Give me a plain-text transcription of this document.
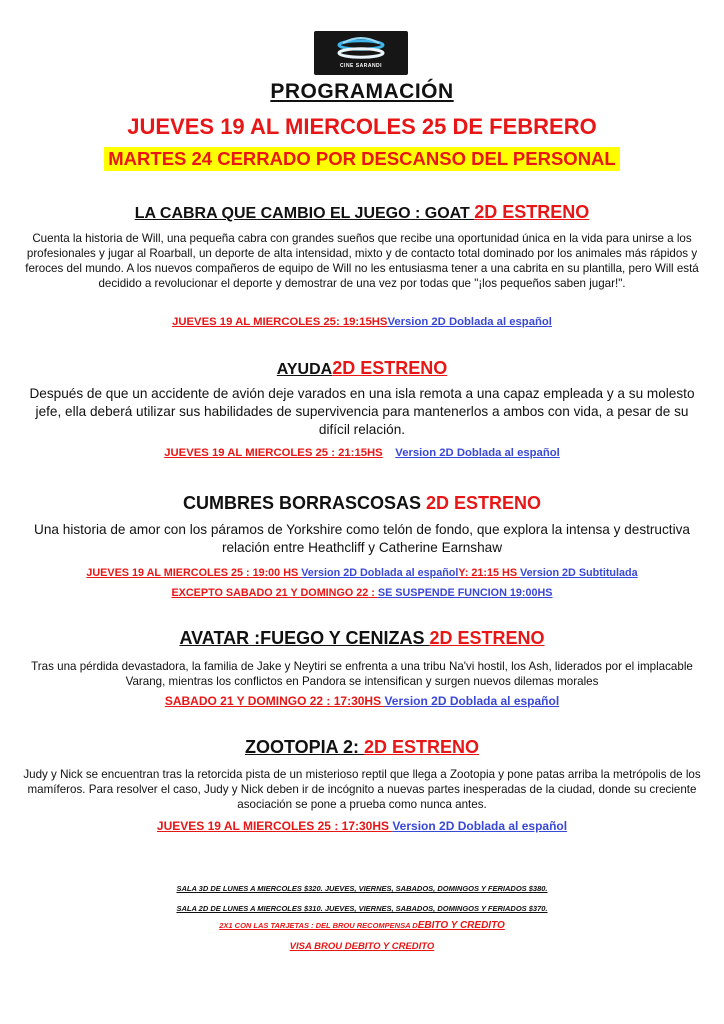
CINE SARANDI
PROGRAMACIÓN
JUEVES 19 AL MIERCOLES 25 DE FEBRERO
MARTES 24 CERRADO POR DESCANSO DEL PERSONAL
LA CABRA QUE CAMBIO EL JUEGO : GOAT 2D ESTRENO
Cuenta la historia de Will, una pequeña cabra con grandes sueños que recibe una oportunidad única en la vida para unirse a los profesionales y jugar al Roarball, un deporte de alta intensidad, mixto y de contacto total dominado por los animales más rápidos y feroces del mundo. A los nuevos compañeros de equipo de Will no les entusiasma tener a una cabrita en su plantilla, pero Will está decidido a revolucionar el deporte y demostrar de una vez por todas que "¡los pequeños saben jugar!".
JUEVES 19 AL MIERCOLES 25: 19:15HSVersion 2D Doblada al español
AYUDA2D ESTRENO
Después de que un accidente de avión deje varados en una isla remota a una capaz empleada y a su molesto jefe, ella deberá utilizar sus habilidades de supervivencia para mantenerlos a ambos con vida, a pesar de su difícil relación.
JUEVES 19 AL MIERCOLES 25 : 21:15HS Version 2D Doblada al español
CUMBRES BORRASCOSAS 2D ESTRENO
Una historia de amor con los páramos de Yorkshire como telón de fondo, que explora la intensa y destructiva relación entre Heathcliff y Catherine Earnshaw
JUEVES 19 AL MIERCOLES 25 : 19:00 HS Version 2D Doblada al españolY: 21:15 HS Version 2D Subtitulada
EXCEPTO SABADO 21 Y DOMINGO 22 : SE SUSPENDE FUNCION 19:00HS
AVATAR :FUEGO Y CENIZAS 2D ESTRENO
Tras una pérdida devastadora, la familia de Jake y Neytiri se enfrenta a una tribu Na'vi hostil, los Ash, liderados por el implacable Varang, mientras los conflictos en Pandora se intensifican y surgen nuevos dilemas morales
SABADO 21 Y DOMINGO 22 : 17:30HS Version 2D Doblada al español
ZOOTOPIA 2: 2D ESTRENO
Judy y Nick se encuentran tras la retorcida pista de un misterioso reptil que llega a Zootopia y pone patas arriba la metrópolis de los mamíferos. Para resolver el caso, Judy y Nick deben ir de incógnito a nuevas partes inesperadas de la ciudad, donde su creciente asociación se pone a prueba como nunca antes.
JUEVES 19 AL MIERCOLES 25 : 17:30HS Version 2D Doblada al español
SALA 3D DE LUNES A MIERCOLES $320. JUEVES, VIERNES, SABADOS, DOMINGOS Y FERIADOS $380.
SALA 2D DE LUNES A MIERCOLES $310. JUEVES, VIERNES, SABADOS, DOMINGOS Y FERIADOS $370.
2X1 CON LAS TARJETAS : DEL BROU RECOMPENSA DEBITO Y CREDITO
VISA BROU DEBITO Y CREDITO
